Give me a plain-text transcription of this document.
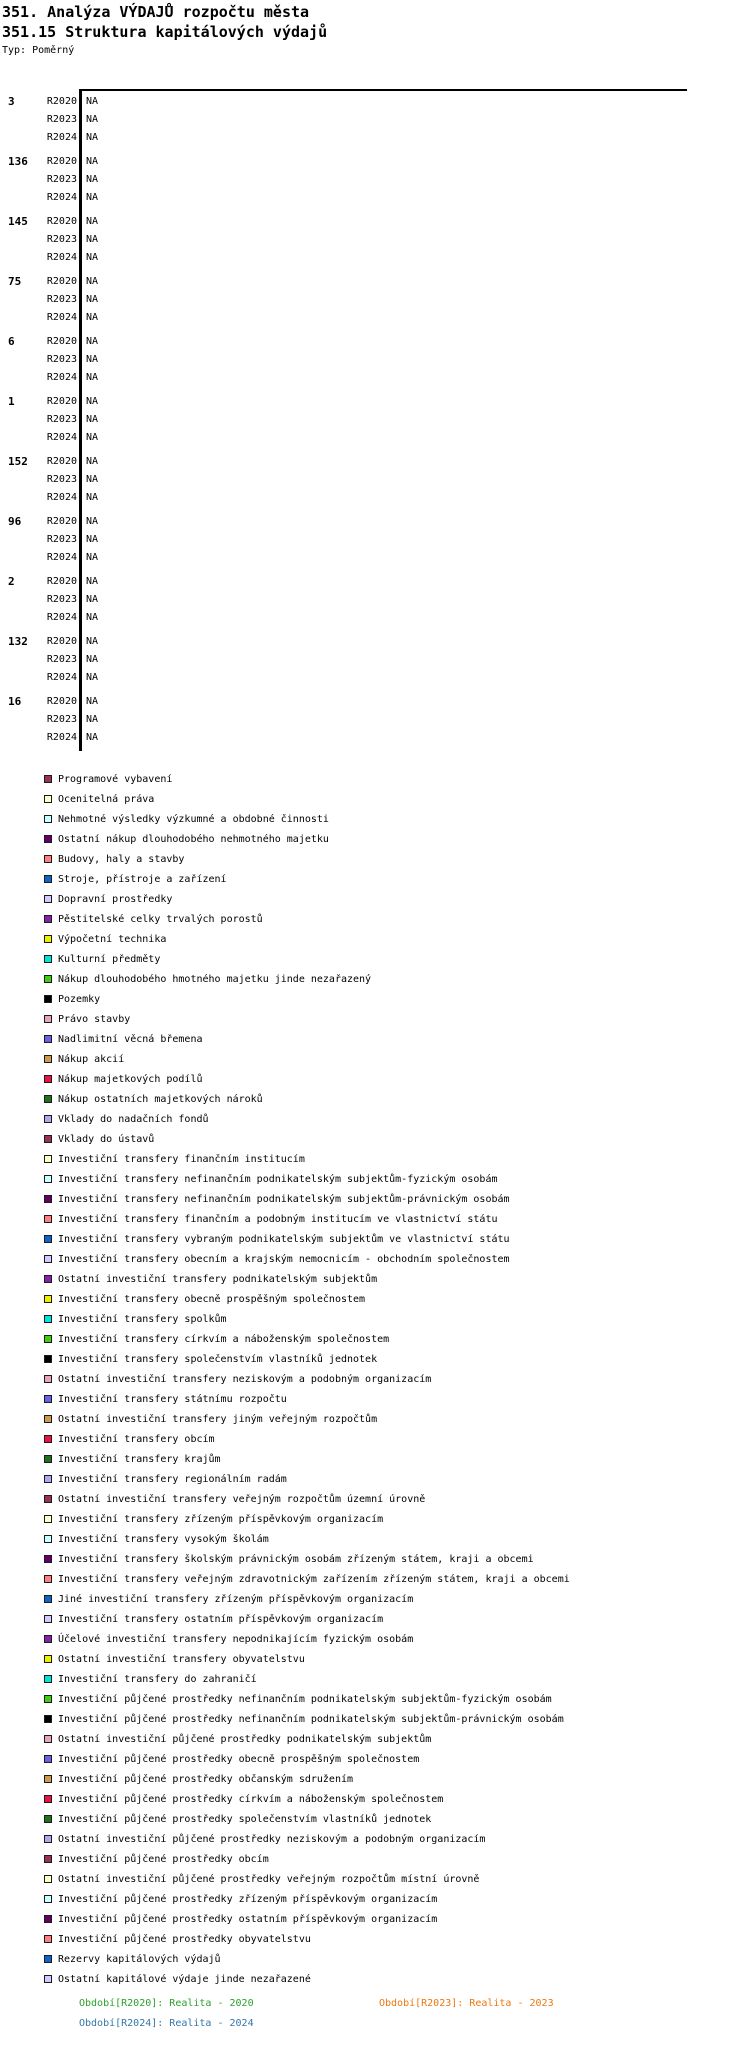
351. Analýza VÝDAJŮ rozpočtu města
351.15 Struktura kapitálových výdajů
Typ: Poměrný
3	R2020 NA
R2023 NA
R2024 NA
136	R2020 NA
R2023 NA
R2024 NA
145	R2020 NA
R2023 NA
R2024 NA
75	R2020 NA
R2023 NA
R2024 NA
6	R2020 NA
R2023 NA
R2024 NA
1	R2020 NA
R2023 NA
R2024 NA
152	R2020 NA
R2023 NA
R2024 NA
96	R2020 NA
R2023 NA
R2024 NA
2	R2020 NA
R2023 NA
R2024 NA
132	R2020 NA
R2023 NA
R2024 NA
16	R2020 NA
R2023 NA
R2024 NA
Programové vybavení
Ocenitelná práva
Nehmotné výsledky výzkumné a obdobné činnosti
Ostatní nákup dlouhodobého nehmotného majetku
Budovy, haly a stavby
Stroje, přístroje a zařízení
Dopravní prostředky
Pěstitelské celky trvalých porostů
Výpočetní technika
Kulturní předměty
Nákup dlouhodobého hmotného majetku jinde nezařazený
Pozemky
Právo stavby
Nadlimitní věcná břemena
Nákup akcií
Nákup majetkových podílů
Nákup ostatních majetkových nároků
Vklady do nadačních fondů
Vklady do ústavů
Investiční transfery finančním institucím
Investiční transfery nefinančním podnikatelským subjektům-fyzickým osobám
Investiční transfery nefinančním podnikatelským subjektům-právnickým osobám
Investiční transfery finančním a podobným institucím ve vlastnictví státu
Investiční transfery vybraným podnikatelským subjektům ve vlastnictví státu
Investiční transfery obecním a krajským nemocnicím - obchodním společnostem
Ostatní investiční transfery podnikatelským subjektům
Investiční transfery obecně prospěšným společnostem
Investiční transfery spolkům
Investiční transfery církvím a náboženským společnostem
Investiční transfery společenstvím vlastníků jednotek
Ostatní investiční transfery neziskovým a podobným organizacím
Investiční transfery státnímu rozpočtu
Ostatní investiční transfery jiným veřejným rozpočtům
Investiční transfery obcím
Investiční transfery krajům
Investiční transfery regionálním radám
Ostatní investiční transfery veřejným rozpočtům územní úrovně
Investiční transfery zřízeným příspěvkovým organizacím
Investiční transfery vysokým školám
Investiční transfery školským právnickým osobám zřízeným státem, kraji a obcemi
Investiční transfery veřejným zdravotnickým zařízením zřízeným státem, kraji a obcemi
Jiné investiční transfery zřízeným příspěvkovým organizacím
Investiční transfery ostatním příspěvkovým organizacím
Účelové investiční transfery nepodnikajícím fyzickým osobám
Ostatní investiční transfery obyvatelstvu
Investiční transfery do zahraničí
Investiční půjčené prostředky nefinančním podnikatelským subjektům-fyzickým osobám
Investiční půjčené prostředky nefinančním podnikatelským subjektům-právnickým osobám
Ostatní investiční půjčené prostředky podnikatelským subjektům
Investiční půjčené prostředky obecně prospěšným společnostem
Investiční půjčené prostředky občanským sdružením
Investiční půjčené prostředky církvím a náboženským společnostem
Investiční půjčené prostředky společenstvím vlastníků jednotek
Ostatní investiční půjčené prostředky neziskovým a podobným organizacím
Investiční půjčené prostředky obcím
Ostatní investiční půjčené prostředky veřejným rozpočtům místní úrovně
Investiční půjčené prostředky zřízeným příspěvkovým organizacím
Investiční půjčené prostředky ostatním příspěvkovým organizacím
Investiční půjčené prostředky obyvatelstvu
Rezervy kapitálových výdajů
Ostatní kapitálové výdaje jinde nezařazené
Období[R2020]: Realita - 2020	Období[R2023]: Realita - 2023
Období[R2024]: Realita - 2024
